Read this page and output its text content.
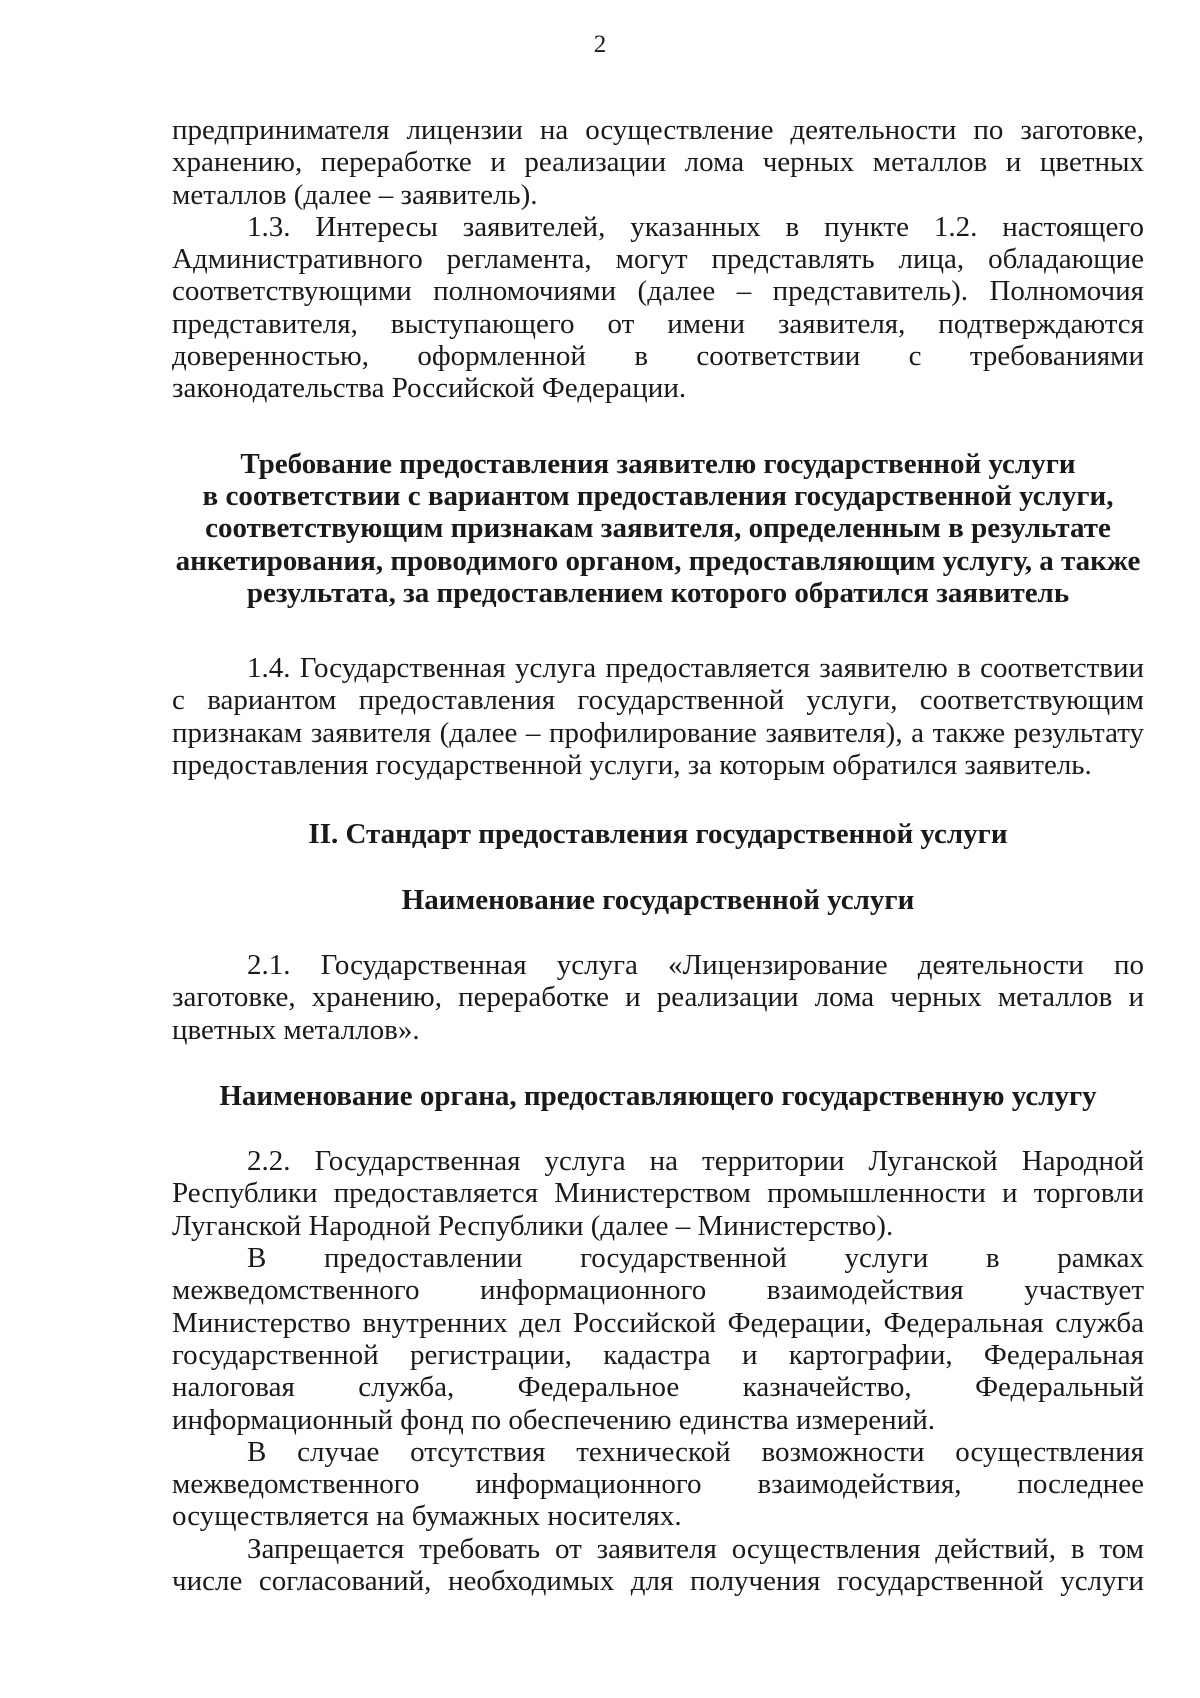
2

предпринимателя лицензии на осуществление деятельности по заготовке, хранению, переработке и реализации лома черных металлов и цветных металлов (далее – заявитель).

1.3. Интересы заявителей, указанных в пункте 1.2. настоящего Административного регламента, могут представлять лица, обладающие соответствующими полномочиями (далее – представитель). Полномочия представителя, выступающего от имени заявителя, подтверждаются доверенностью, оформленной в соответствии с требованиями законодательства Российской Федерации.

Требование предоставления заявителю государственной услуги
в соответствии с вариантом предоставления государственной услуги,
соответствующим признакам заявителя, определенным в результате
анкетирования, проводимого органом, предоставляющим услугу, а также
результата, за предоставлением которого обратился заявитель

1.4. Государственная услуга предоставляется заявителю в соответствии с вариантом предоставления государственной услуги, соответствующим признакам заявителя (далее – профилирование заявителя), а также результату предоставления государственной услуги, за которым обратился заявитель.

II. Стандарт предоставления государственной услуги
Наименование государственной услуги

2.1. Государственная услуга «Лицензирование деятельности по заготовке, хранению, переработке и реализации лома черных металлов и цветных металлов».

Наименование органа, предоставляющего государственную услугу

2.2. Государственная услуга на территории Луганской Народной Республики предоставляется Министерством промышленности и торговли Луганской Народной Республики (далее – Министерство).

В предоставлении государственной услуги в рамках межведомственного информационного взаимодействия участвует Министерство внутренних дел Российской Федерации, Федеральная служба государственной регистрации, кадастра и картографии, Федеральная налоговая служба, Федеральное казначейство, Федеральный информационный фонд по обеспечению единства измерений.

В случае отсутствия технической возможности осуществления межведомственного информационного взаимодействия, последнее осуществляется на бумажных носителях.

Запрещается требовать от заявителя осуществления действий, в том числе согласований, необходимых для получения государственной услуги
